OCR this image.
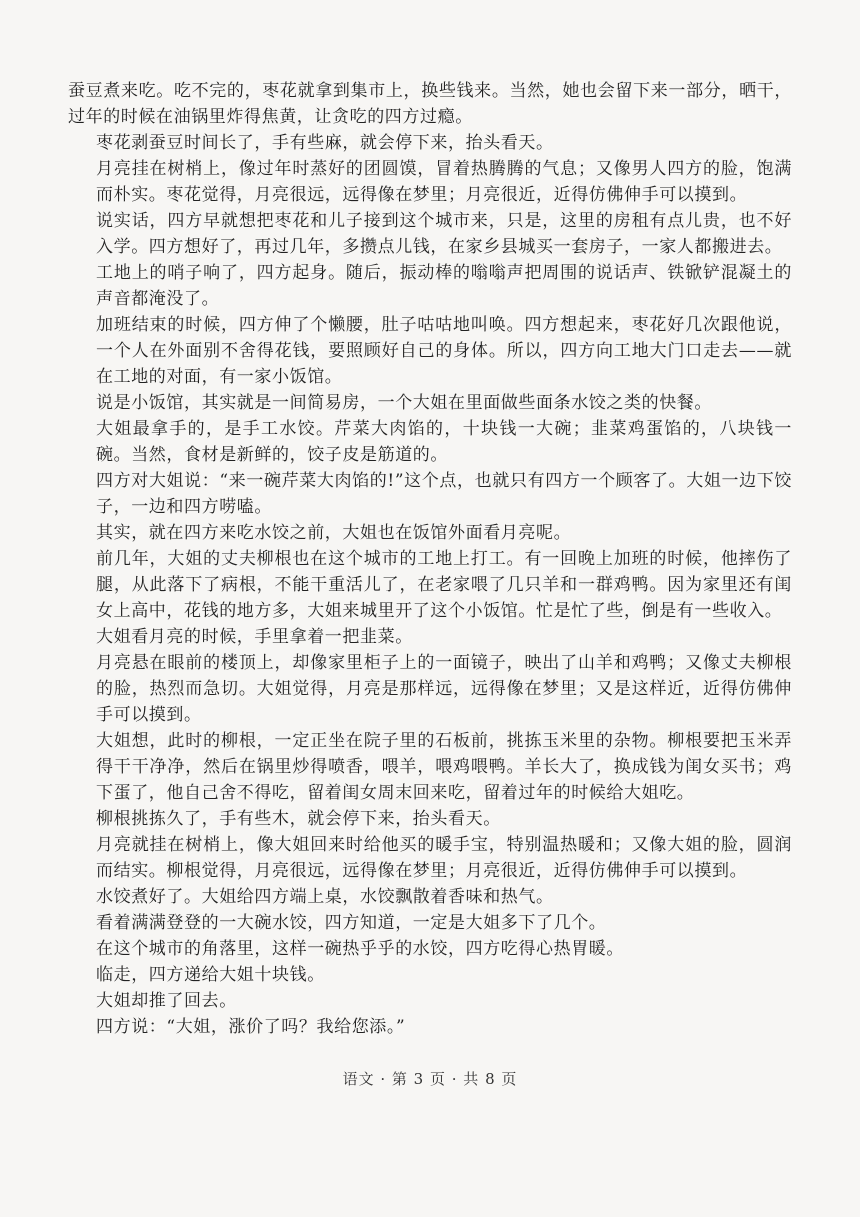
蚕豆煮来吃。吃不完的，枣花就拿到集市上，换些钱来。当然，她也会留下来一部分，晒干，过年的时候在油锅里炸得焦黄，让贪吃的四方过瘾。

枣花剥蚕豆时间长了，手有些麻，就会停下来，抬头看天。

月亮挂在树梢上，像过年时蒸好的团圆馍，冒着热腾腾的气息；又像男人四方的脸，饱满而朴实。枣花觉得，月亮很远，远得像在梦里；月亮很近，近得仿佛伸手可以摸到。

说实话，四方早就想把枣花和儿子接到这个城市来，只是，这里的房租有点儿贵，也不好入学。四方想好了，再过几年，多攒点儿钱，在家乡县城买一套房子，一家人都搬进去。

工地上的哨子响了，四方起身。随后，振动棒的嗡嗡声把周围的说话声、铁锨铲混凝土的声音都淹没了。

加班结束的时候，四方伸了个懒腰，肚子咕咕地叫唤。四方想起来，枣花好几次跟他说，一个人在外面别不舍得花钱，要照顾好自己的身体。所以，四方向工地大门口走去——就在工地的对面，有一家小饭馆。

说是小饭馆，其实就是一间简易房，一个大姐在里面做些面条水饺之类的快餐。

大姐最拿手的，是手工水饺。芹菜大肉馅的，十块钱一大碗；韭菜鸡蛋馅的，八块钱一碗。当然，食材是新鲜的，饺子皮是筋道的。

四方对大姐说：“来一碗芹菜大肉馅的!”这个点，也就只有四方一个顾客了。大姐一边下饺子，一边和四方唠嗑。

其实，就在四方来吃水饺之前，大姐也在饭馆外面看月亮呢。

前几年，大姐的丈夫柳根也在这个城市的工地上打工。有一回晚上加班的时候，他摔伤了腿，从此落下了病根，不能干重活儿了，在老家喂了几只羊和一群鸡鸭。因为家里还有闺女上高中，花钱的地方多，大姐来城里开了这个小饭馆。忙是忙了些，倒是有一些收入。

大姐看月亮的时候，手里拿着一把韭菜。

月亮悬在眼前的楼顶上，却像家里柜子上的一面镜子，映出了山羊和鸡鸭；又像丈夫柳根的脸，热烈而急切。大姐觉得，月亮是那样远，远得像在梦里；又是这样近，近得仿佛伸手可以摸到。

大姐想，此时的柳根，一定正坐在院子里的石板前，挑拣玉米里的杂物。柳根要把玉米弄得干干净净，然后在锅里炒得喷香，喂羊，喂鸡喂鸭。羊长大了，换成钱为闺女买书；鸡下蛋了，他自己舍不得吃，留着闺女周末回来吃，留着过年的时候给大姐吃。

柳根挑拣久了，手有些木，就会停下来，抬头看天。

月亮就挂在树梢上，像大姐回来时给他买的暖手宝，特别温热暖和；又像大姐的脸，圆润而结实。柳根觉得，月亮很远，远得像在梦里；月亮很近，近得仿佛伸手可以摸到。

水饺煮好了。大姐给四方端上桌，水饺飘散着香味和热气。

看着满满登登的一大碗水饺，四方知道，一定是大姐多下了几个。

在这个城市的角落里，这样一碗热乎乎的水饺，四方吃得心热胃暖。

临走，四方递给大姐十块钱。

大姐却推了回去。

四方说：“大姐，涨价了吗？我给您添。”

语文 · 第 3 页 · 共 8 页
